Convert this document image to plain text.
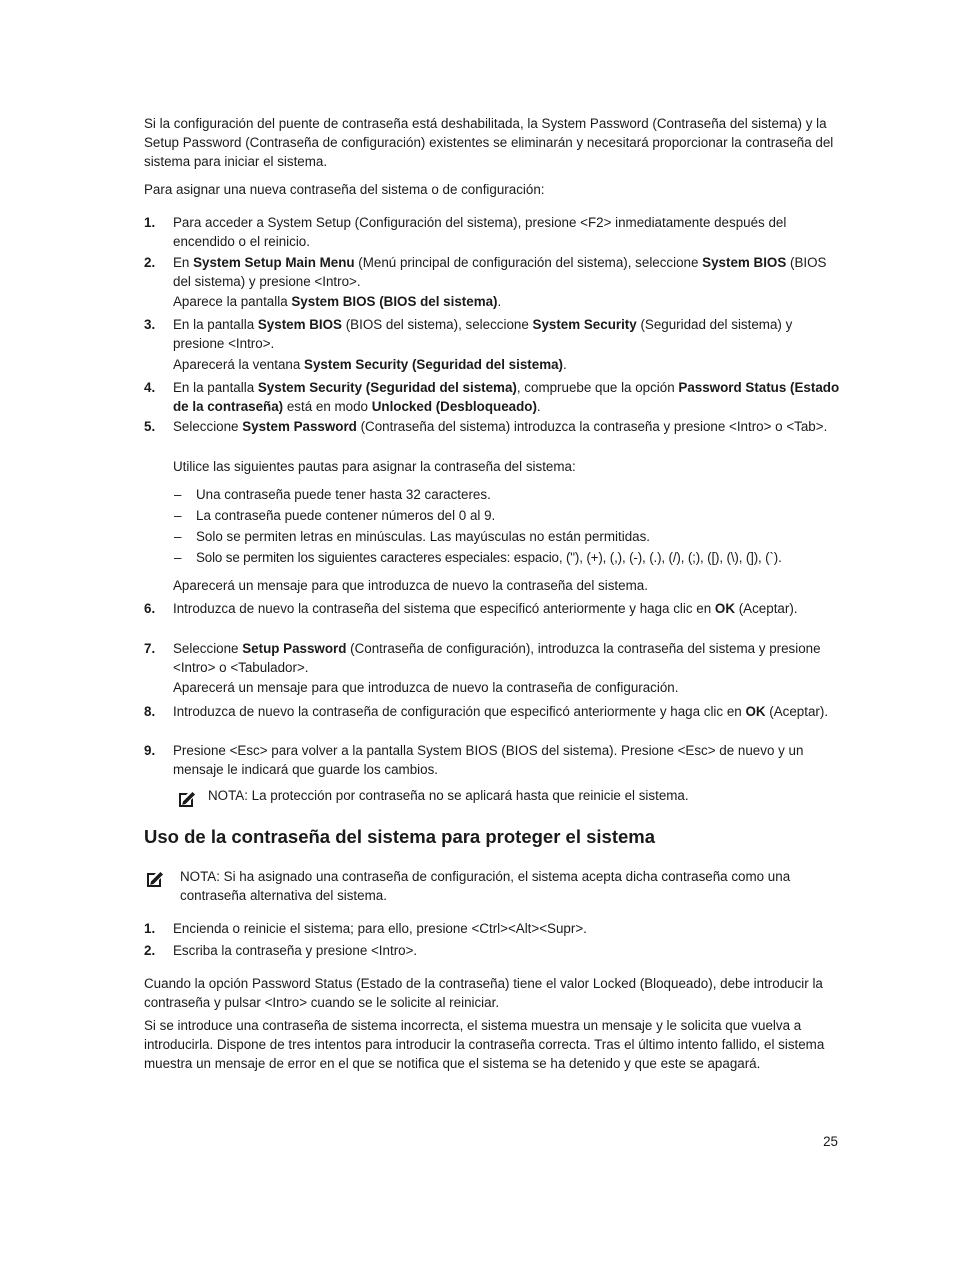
Si la configuración del puente de contraseña está deshabilitada, la System Password (Contraseña del sistema) y la Setup Password (Contraseña de configuración) existentes se eliminarán y necesitará proporcionar la contraseña del sistema para iniciar el sistema.

Para asignar una nueva contraseña del sistema o de configuración:

1. Para acceder a System Setup (Configuración del sistema), presione <F2> inmediatamente después del encendido o el reinicio.

2. En System Setup Main Menu (Menú principal de configuración del sistema), seleccione System BIOS (BIOS del sistema) y presione <Intro>.

Aparece la pantalla System BIOS (BIOS del sistema).

3. En la pantalla System BIOS (BIOS del sistema), seleccione System Security (Seguridad del sistema) y presione <Intro>.

Aparecerá la ventana System Security (Seguridad del sistema).

4. En la pantalla System Security (Seguridad del sistema), compruebe que la opción Password Status (Estado de la contraseña) está en modo Unlocked (Desbloqueado).

5. Seleccione System Password (Contraseña del sistema) introduzca la contraseña y presione <Intro> o <Tab>.

Utilice las siguientes pautas para asignar la contraseña del sistema:

– Una contraseña puede tener hasta 32 caracteres.

– La contraseña puede contener números del 0 al 9.

– Solo se permiten letras en minúsculas. Las mayúsculas no están permitidas.

– Solo se permiten los siguientes caracteres especiales: espacio, ("), (+), (,), (-), (.), (/), (;), ([), (\), (]), (`).

Aparecerá un mensaje para que introduzca de nuevo la contraseña del sistema.

6. Introduzca de nuevo la contraseña del sistema que especificó anteriormente y haga clic en OK (Aceptar).

7. Seleccione Setup Password (Contraseña de configuración), introduzca la contraseña del sistema y presione <Intro> o <Tabulador>.

Aparecerá un mensaje para que introduzca de nuevo la contraseña de configuración.

8. Introduzca de nuevo la contraseña de configuración que especificó anteriormente y haga clic en OK (Aceptar).

9. Presione <Esc> para volver a la pantalla System BIOS (BIOS del sistema). Presione <Esc> de nuevo y un mensaje le indicará que guarde los cambios.

NOTA: La protección por contraseña no se aplicará hasta que reinicie el sistema.

Uso de la contraseña del sistema para proteger el sistema

NOTA: Si ha asignado una contraseña de configuración, el sistema acepta dicha contraseña como una contraseña alternativa del sistema.

1. Encienda o reinicie el sistema; para ello, presione <Ctrl><Alt><Supr>.

2. Escriba la contraseña y presione <Intro>.

Cuando la opción Password Status (Estado de la contraseña) tiene el valor Locked (Bloqueado), debe introducir la contraseña y pulsar <Intro> cuando se le solicite al reiniciar.

Si se introduce una contraseña de sistema incorrecta, el sistema muestra un mensaje y le solicita que vuelva a introducirla. Dispone de tres intentos para introducir la contraseña correcta. Tras el último intento fallido, el sistema muestra un mensaje de error en el que se notifica que el sistema se ha detenido y que este se apagará.

25
